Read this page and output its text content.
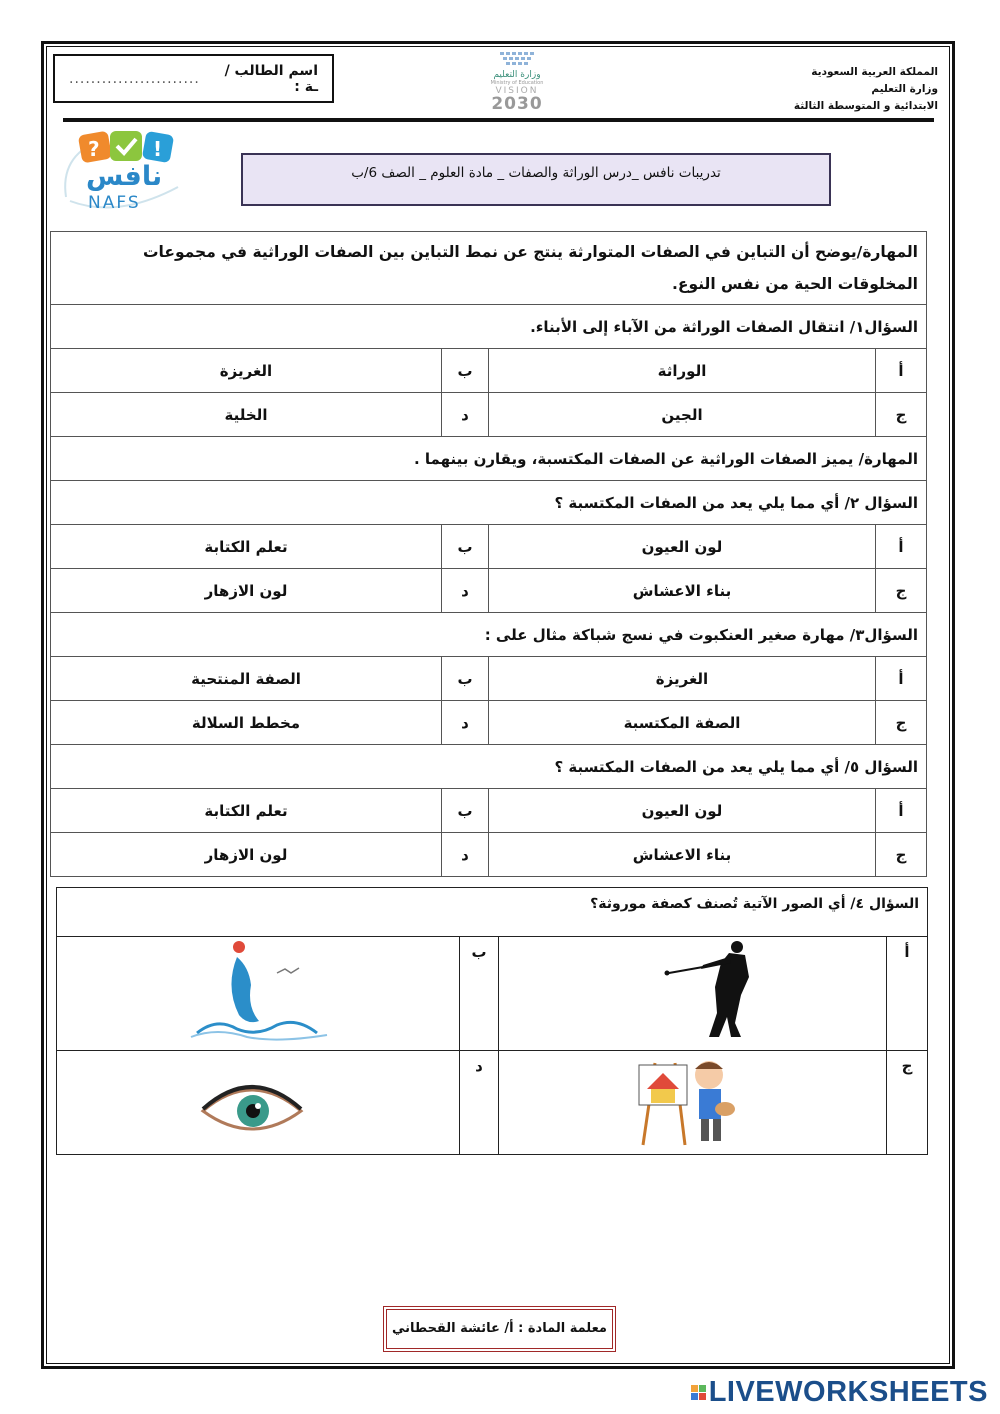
اسم الطالب / ـة :
........................	وزارة التعليم
Ministry of Education
VISION
2030
المملكة العربية السعودية
وزارة التعليم
الابتدائية و المتوسطة الثالثة
?	!
نافس
NAFS
تدريبات نافس _درس الوراثة والصفات _ مادة العلوم _ الصف 6/ب
المهارة/يوضح أن التباين في الصفات المتوارثة ينتج عن نمط التباين بين الصفات الوراثية في مجموعات المخلوقات الحية من نفس النوع.			
السؤال١/ انتقال الصفات الوراثة من الآباء إلى الأبناء.			
أ	الوراثة	ب	الغريزة
ج	الجين	د	الخلية
المهارة/ يميز الصفات الوراثية عن الصفات المكتسبة، ويقارن بينهما .			
السؤال ٢/ أي مما يلي يعد من الصفات المكتسبة ؟			
أ	لون العيون	ب	تعلم الكتابة
ج	بناء الاعشاش	د	لون الازهار
السؤال٣/ مهارة صغير العنكبوت في نسج شباكة مثال على :			
أ	الغريزة	ب	الصفة المنتحية
ج	الصفة المكتسبة	د	مخطط السلالة
السؤال ٥/ أي مما يلي يعد من الصفات المكتسبة ؟			
أ	لون العيون	ب	تعلم الكتابة
ج	بناء الاعشاش	د	لون الازهار
السؤال ٤/ أي الصور الآتية تُصنف كصفة موروثة؟			
أ		ب	

ج		د	
معلمة المادة : أ/ عائشة القحطاني
LIVEWORKSHEETS
